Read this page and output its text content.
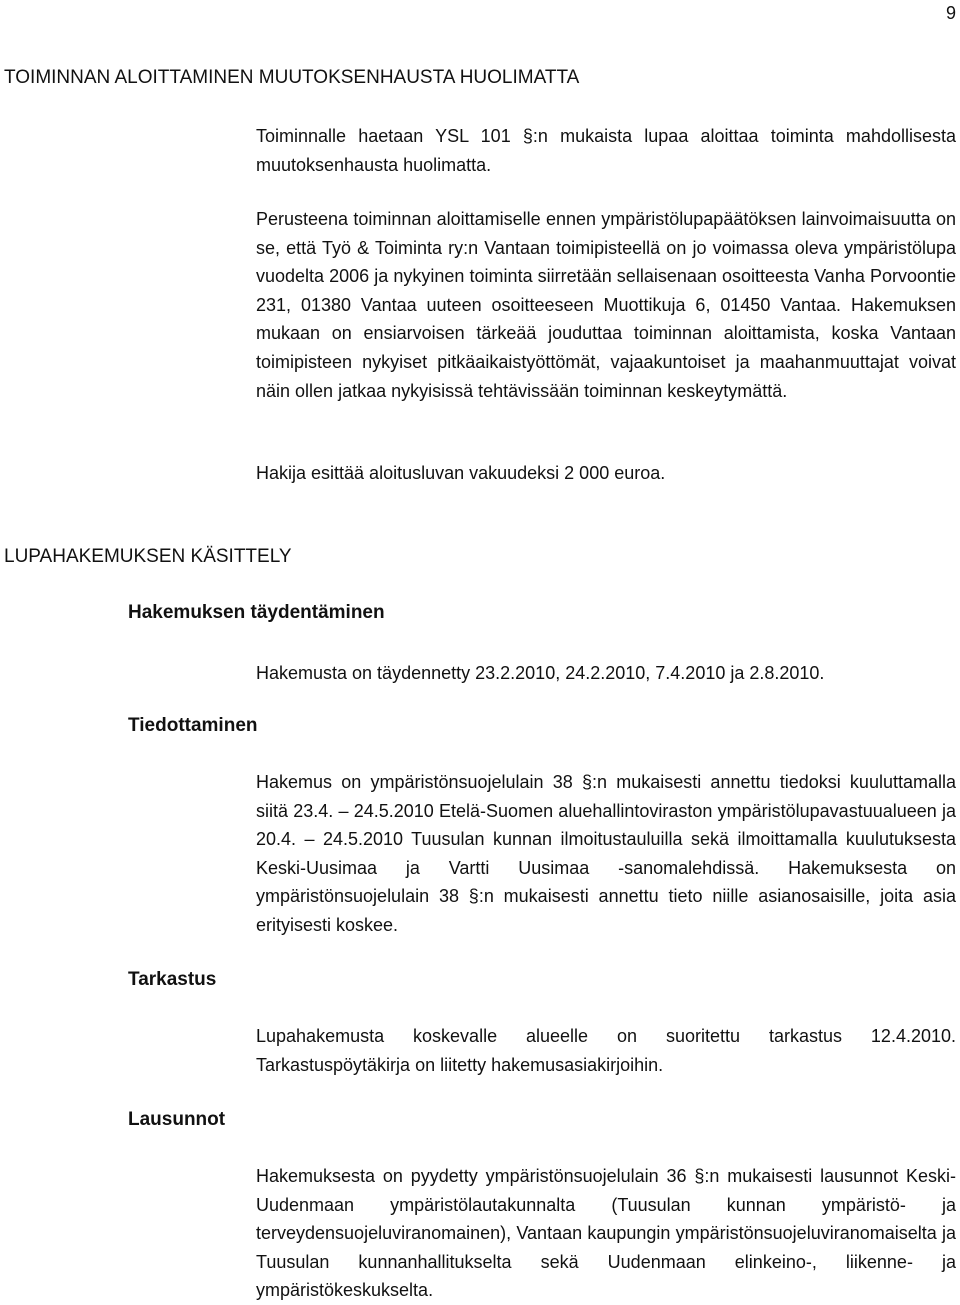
9
TOIMINNAN ALOITTAMINEN MUUTOKSENHAUSTA HUOLIMATTA

Toiminnalle haetaan YSL 101 §:n mukaista lupaa aloittaa toiminta mahdollisesta muutoksenhausta huolimatta.

Perusteena toiminnan aloittamiselle ennen ympäristölupapäätöksen lainvoimaisuutta on se, että Työ & Toiminta ry:n Vantaan toimipisteellä on jo voimassa oleva ympäristölupa vuodelta 2006 ja nykyinen toiminta siirretään sellaisenaan osoitteesta Vanha Porvoontie 231, 01380 Vantaa uuteen osoitteeseen Muottikuja 6, 01450 Vantaa. Hakemuksen mukaan on ensiarvoisen tärkeää jouduttaa toiminnan aloittamista, koska Vantaan toimipisteen nykyiset pitkäaikaistyöttömät, vajaakuntoiset ja maahanmuuttajat voivat näin ollen jatkaa nykyisissä tehtävissään toiminnan keskeytymättä.

Hakija esittää aloitusluvan vakuudeksi 2 000 euroa.

LUPAHAKEMUKSEN KÄSITTELY
Hakemuksen täydentäminen

Hakemusta on täydennetty 23.2.2010, 24.2.2010, 7.4.2010 ja 2.8.2010.

Tiedottaminen

Hakemus on ympäristönsuojelulain 38 §:n mukaisesti annettu tiedoksi kuuluttamalla siitä 23.4. – 24.5.2010 Etelä-Suomen aluehallintoviraston ympäristölupavastuualueen ja 20.4. – 24.5.2010 Tuusulan kunnan ilmoitustauluilla sekä ilmoittamalla kuulutuksesta Keski-Uusimaa ja Vartti Uusimaa -sanomalehdissä. Hakemuksesta on ympäristönsuojelulain 38 §:n mukaisesti annettu tieto niille asianosaisille, joita asia erityisesti koskee.

Tarkastus

Lupahakemusta koskevalle alueelle on suoritettu tarkastus 12.4.2010. Tarkastuspöytäkirja on liitetty hakemusasiakirjoihin.

Lausunnot

Hakemuksesta on pyydetty ympäristönsuojelulain 36 §:n mukaisesti lausunnot Keski-Uudenmaan ympäristölautakunnalta (Tuusulan kunnan ympäristö- ja terveydensuojeluviranomainen), Vantaan kaupungin ympäristönsuojeluviranomaiselta ja Tuusulan kunnanhallitukselta sekä Uudenmaan elinkeino-, liikenne- ja ympäristökeskukselta.
